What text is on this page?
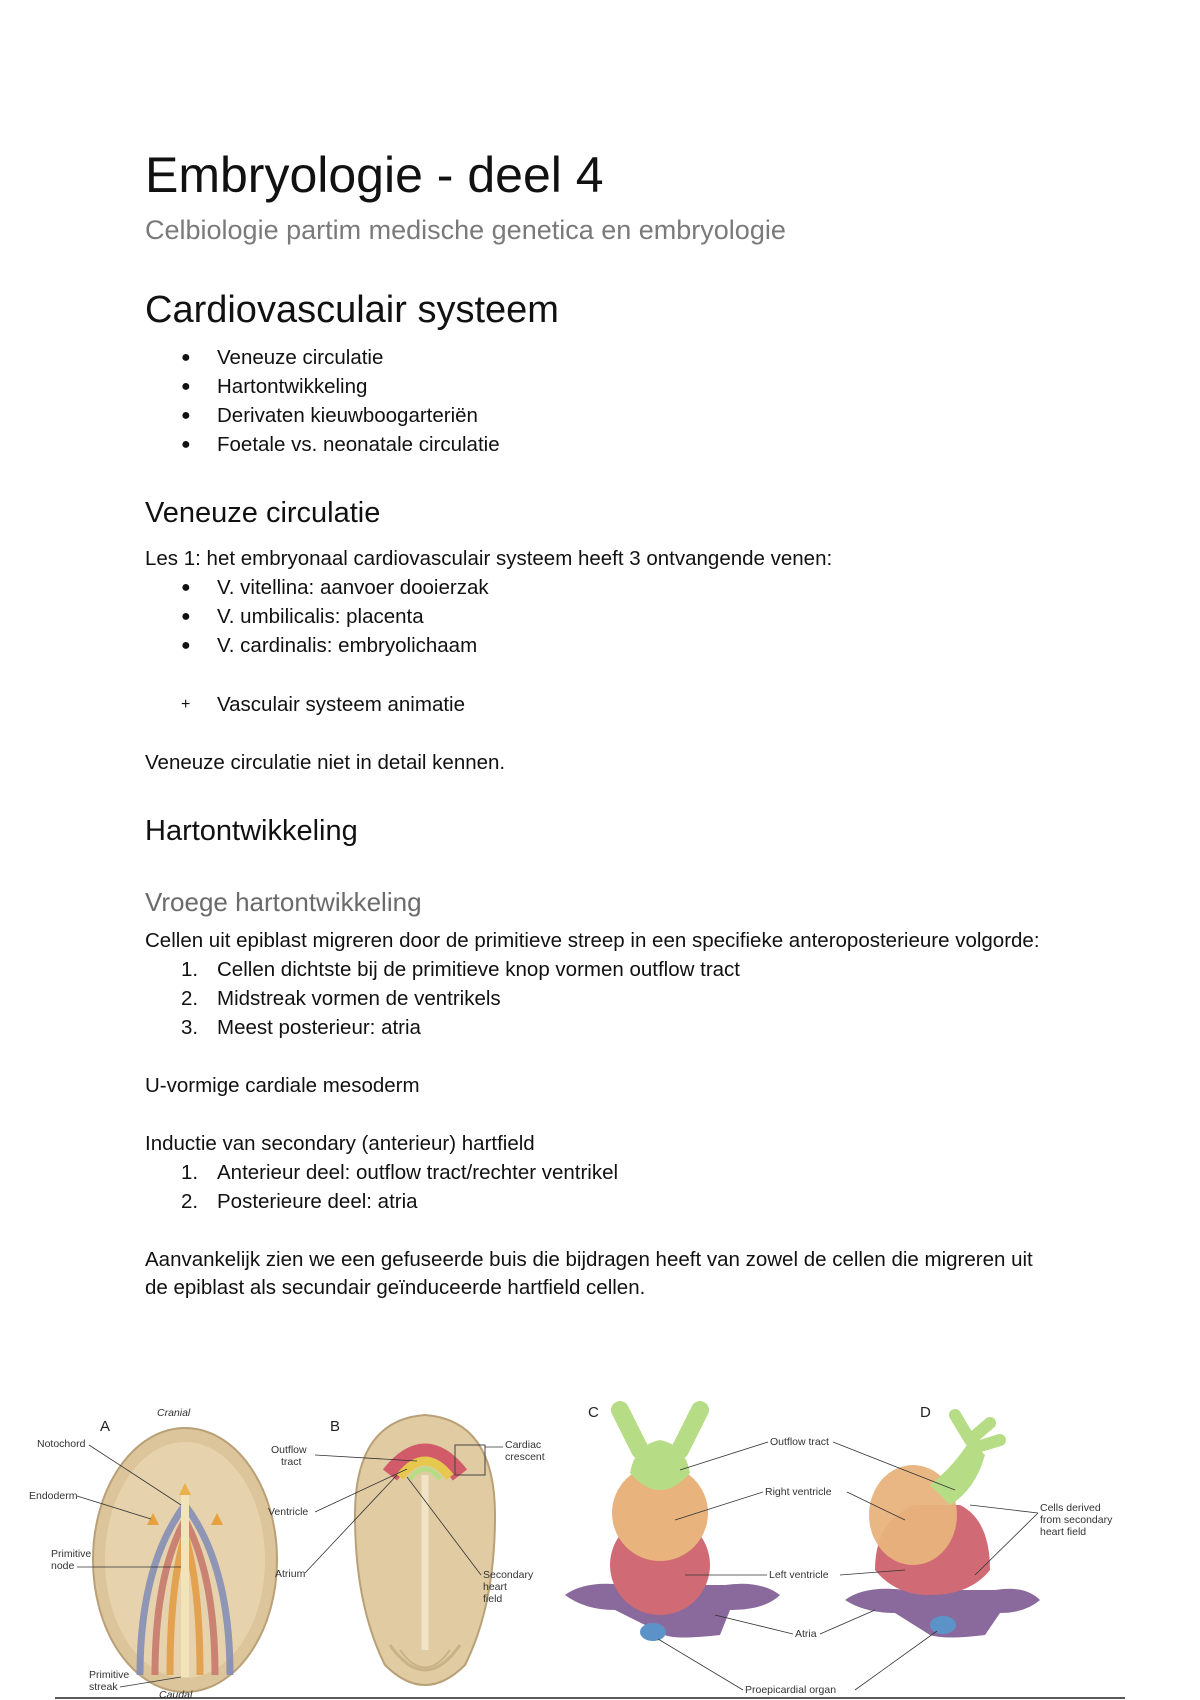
Embryologie - deel 4
Celbiologie partim medische genetica en embryologie
Cardiovasculair systeem
●	Veneuze circulatie
●	Hartontwikkeling
●	Derivaten kieuwboogarteriën
●	Foetale vs. neonatale circulatie
Veneuze circulatie

Les 1: het embryonaal cardiovasculair systeem heeft 3 ontvangende venen:

●	V. vitellina: aanvoer dooierzak
●	V. umbilicalis: placenta
●	V. cardinalis: embryolichaam
+	Vasculair systeem animatie

Veneuze circulatie niet in detail kennen.

Hartontwikkeling
Vroege hartontwikkeling

Cellen uit epiblast migreren door de primitieve streep in een specifieke anteroposterieure volgorde:

1. Cellen dichtste bij de primitieve knop vormen outflow tract
2. Midstreak vormen de ventrikels
3. Meest posterieur: atria

U-vormige cardiale mesoderm

Inductie van secondary (anterieur) hartfield

1. Anterieur deel: outflow tract/rechter ventrikel
2. Posterieure deel: atria

Aanvankelijk zien we een gefuseerde buis die bijdragen heeft van zowel de cellen die migreren uit de epiblast als secundair geïnduceerde hartfield cellen.

A	B
C	D
Cranial
Caudal
Notochord
Endoderm
Primitive
node
Primitive
streak
Outflow
tract
Ventricle
Atrium
Cardiac
crescent
Secondary
heart
field
Outflow tract
Right ventricle
Left ventricle
Atria
Proepicardial organ
Cells derived
from secondary
heart field
